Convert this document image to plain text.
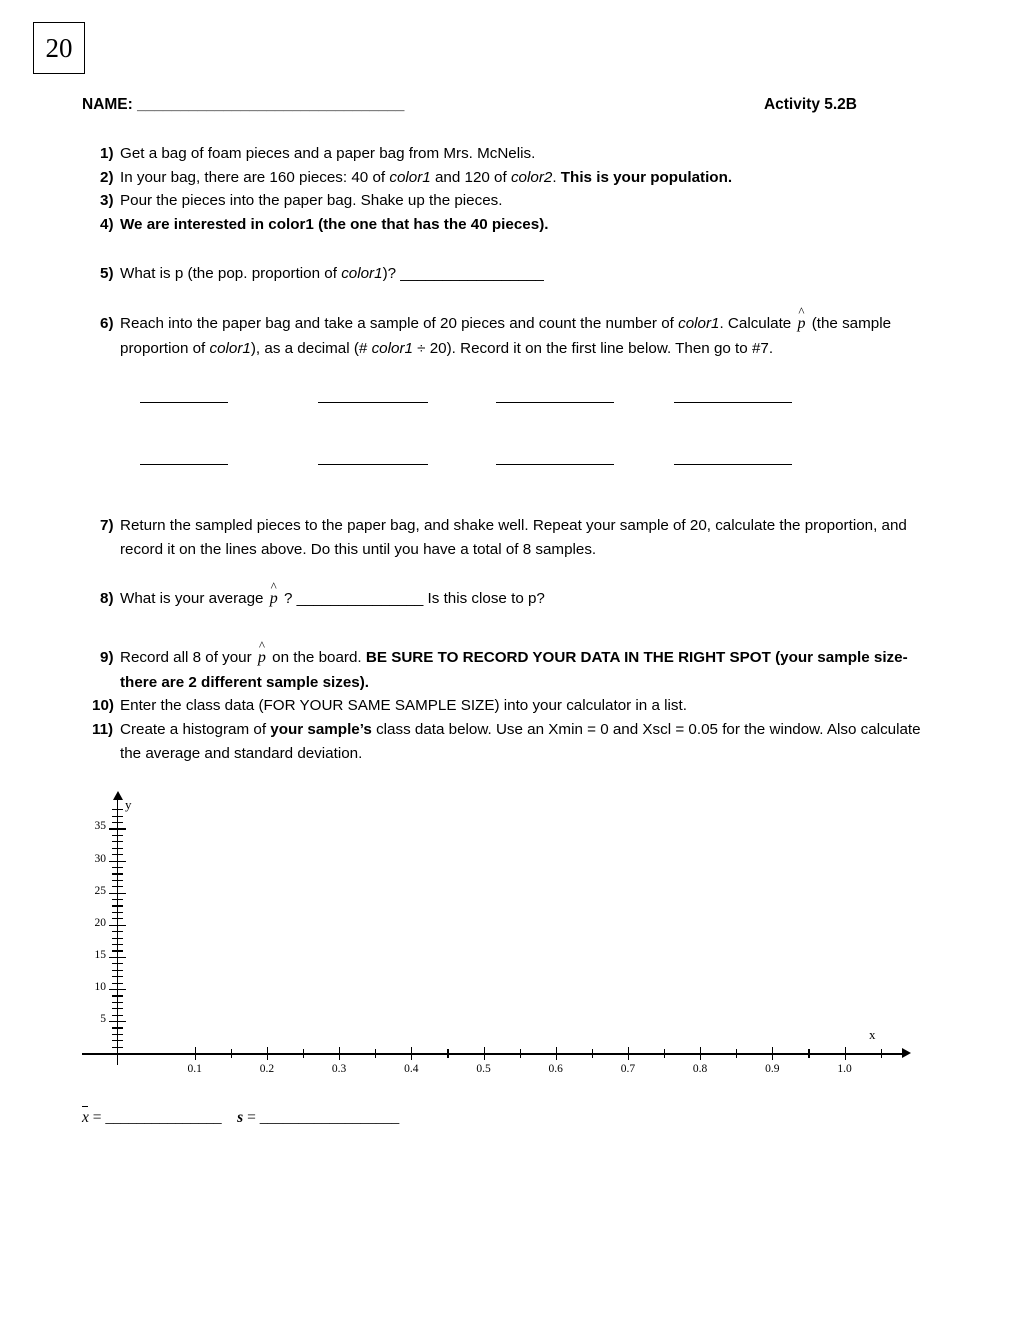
20
NAME: _______________________________	Activity 5.2B
1) Get a bag of foam pieces and a paper bag from Mrs. McNelis.
2) In your bag, there are 160 pieces: 40 of color1 and 120 of color2. This is your population.
3) Pour the pieces into the paper bag. Shake up the pieces.
4) We are interested in color1 (the one that has the 40 pieces).
5) What is p (the pop. proportion of color1)? _________________
6) Reach into the paper bag and take a sample of 20 pieces and count the number of color1. Calculate
^
p (the sample proportion of color1), as a decimal (# color1 ÷ 20). Record it on the first line below. Then go to #7.
7) Return the sampled pieces to the paper bag, and shake well. Repeat your sample of 20, calculate the proportion, and record it on the lines above. Do this until you have a total of 8 samples.
8) What is your average
^
p ? _______________ Is this close to p?
9) Record all 8 of your
^
p on the board. BE SURE TO RECORD YOUR DATA IN THE RIGHT SPOT (your sample size- there are 2 different sample sizes).
10) Enter the class data (FOR YOUR SAME SAMPLE SIZE) into your calculator in a list.
11) Create a histogram of your sample’s class data below. Use an Xmin = 0 and Xscl = 0.05 for the window. Also calculate the average and standard deviation.
5
10
15
20
25
30
35
0.1	0.2	0.3	0.4	0.5	0.6	0.7	0.8	0.9	1.0
y
x
x = _______________ s = __________________
